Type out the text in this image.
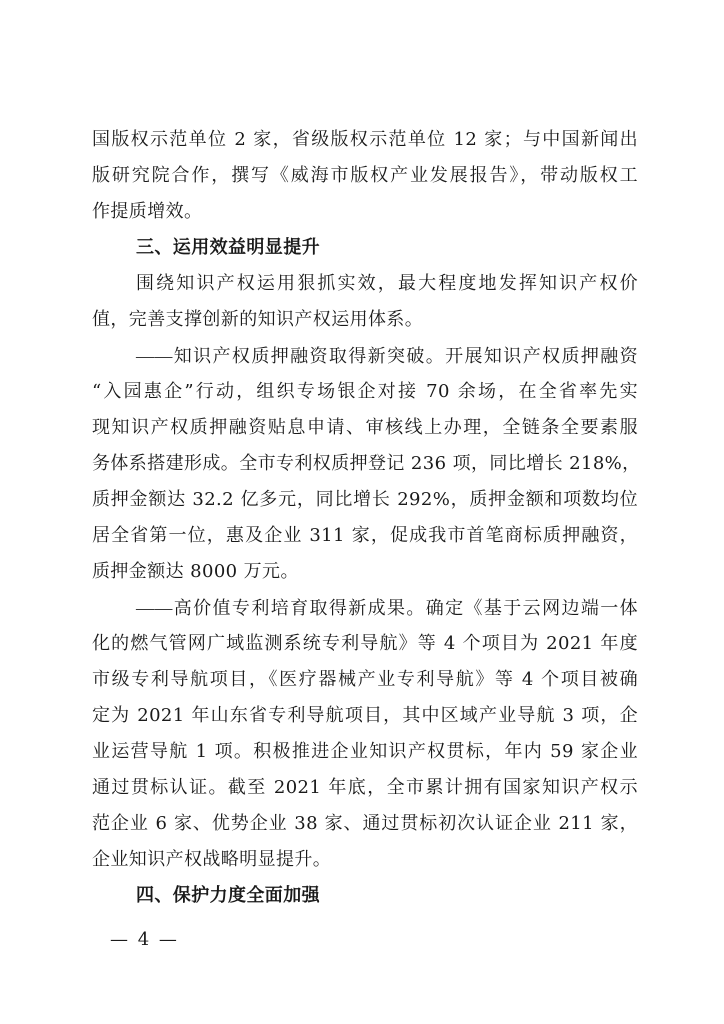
国版权示范单位 2 家，省级版权示范单位 12 家；与中国新闻出

版研究院合作，撰写《威海市版权产业发展报告》，带动版权工

作提质增效。

三、运用效益明显提升

围绕知识产权运用狠抓实效，最大程度地发挥知识产权价

值，完善支撑创新的知识产权运用体系。

——知识产权质押融资取得新突破。开展知识产权质押融资

“入园惠企”行动，组织专场银企对接 70 余场，在全省率先实

现知识产权质押融资贴息申请、审核线上办理，全链条全要素服

务体系搭建形成。全市专利权质押登记 236 项，同比增长 218%，

质押金额达 32.2 亿多元，同比增长 292%，质押金额和项数均位

居全省第一位，惠及企业 311 家，促成我市首笔商标质押融资，

质押金额达 8000 万元。

——高价值专利培育取得新成果。确定《基于云网边端一体

化的燃气管网广域监测系统专利导航》等 4 个项目为 2021 年度

市级专利导航项目，《医疗器械产业专利导航》等 4 个项目被确

定为 2021 年山东省专利导航项目，其中区域产业导航 3 项，企

业运营导航 1 项。积极推进企业知识产权贯标，年内 59 家企业

通过贯标认证。截至 2021 年底，全市累计拥有国家知识产权示

范企业 6 家、优势企业 38 家、通过贯标初次认证企业 211 家，

企业知识产权战略明显提升。

四、保护力度全面加强

— 4 —
